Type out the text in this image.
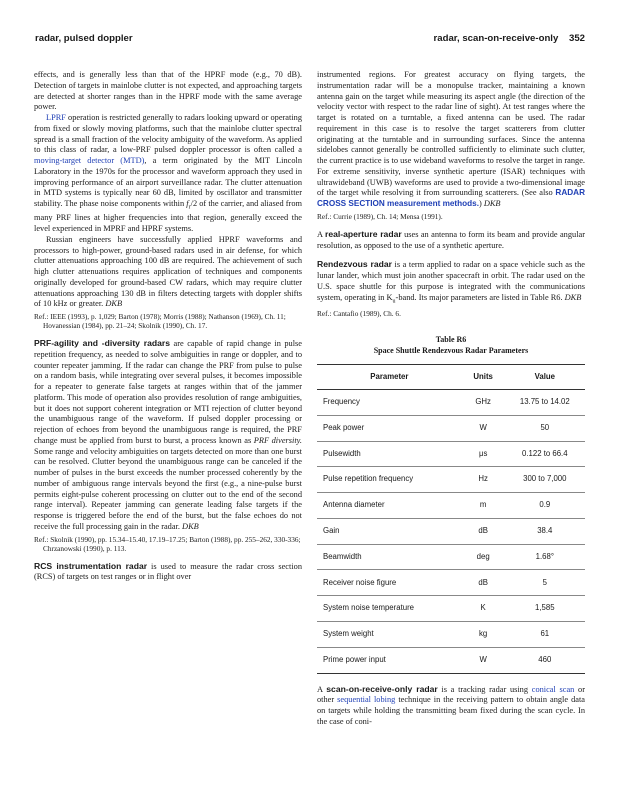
radar, pulsed doppler	radar, scan-on-receive-only 352

effects, and is generally less than that of the HPRF mode (e.g., 70 dB). Detection of targets in mainlobe clutter is not expected, and approaching targets are detected at shorter ranges than in the HPRF mode with the same average power.

LPRF operation is restricted generally to radars looking upward or operating from fixed or slowly moving platforms, such that the mainlobe clutter spectral spread is a small fraction of the velocity ambiguity of the waveform. As applied to this class of radar, a low-PRF pulsed doppler processor is often called a moving-target detector (MTD), a term originated by the MIT Lincoln Laboratory in the 1970s for the processor and waveform approach they used in improving performance of an airport surveillance radar. The clutter attenuation in MTD systems is typically near 60 dB, limited by oscillator and transmitter stability. The phase noise components within $f_r/2$ of the carrier, and aliased from many PRF lines at higher frequencies into that region, generally exceed the level experienced in MPRF and HPRF systems.

Russian engineers have successfully applied HPRF waveforms and processors to high-power, ground-based radars used in air defense, for which clutter attenuations approaching 100 dB are required. The achievement of such high clutter attenuations requires application of techniques and components originally developed for ground-based CW radars, which may require clutter attenuations approaching 130 dB in filters detecting targets with doppler shifts of 10 kHz or greater. DKB

Ref.: IEEE (1993), p. 1,029; Barton (1978); Morris (1988); Nathanson (1969), Ch. 11; Hovanessian (1984), pp. 21–24; Skolnik (1990), Ch. 17.

PRF-agility and -diversity radars are capable of rapid change in pulse repetition frequency, as needed to solve ambiguities in range or doppler, and to counter repeater jamming. If the radar can change the PRF from pulse to pulse on a random basis, while integrating over several pulses, it becomes impossible for a repeater to generate false targets at ranges within that of the jammer platform. This mode of operation also provides resolution of range ambiguities, but it does not support coherent integration or MTI rejection of clutter beyond the unambiguous range of the waveform. If pulsed doppler processing or rejection of echoes from beyond the unambiguous range is required, the PRF change must be applied from burst to burst, a process known as PRF diversity. Some range and velocity ambiguities on targets detected on more than one burst can be resolved. Clutter beyond the unambiguous range can be canceled if the number of pulses in the burst exceeds the number processed coherently by the number of ambiguous range intervals beyond the first (e.g., a nine-pulse burst permits eight-pulse coherent processing on clutter out to the end of the second range interval). Repeater jamming can generate leading false targets if the response is triggered before the end of the burst, but the false echoes do not receive the full processing gain in the radar. DKB

Ref.: Skolnik (1990), pp. 15.34–15.40, 17.19–17.25; Barton (1988), pp. 255–262, 330-336; Chrzanowski (1990), p. 113.

RCS instrumentation radar is used to measure the radar cross section (RCS) of targets on test ranges or in flight over

instrumented regions. For greatest accuracy on flying targets, the instrumentation radar will be a monopulse tracker, maintaining a known antenna gain on the target while measuring its aspect angle (the direction of the velocity vector with respect to the radar line of sight). At test ranges where the target is rotated on a turntable, a fixed antenna can be used. The radar requirement in this case is to resolve the target scatterers from clutter originating at the turntable and in surrounding surfaces. Since the antenna sidelobes cannot generally be controlled sufficiently to eliminate such clutter, the current practice is to use wideband waveforms to resolve the target in range. For extreme sensitivity, inverse synthetic aperture (ISAR) techniques with ultrawideband (UWB) waveforms are used to provide a two-dimensional image of the target while resolving it from surrounding scatterers. (See also RADAR CROSS SECTION measurement methods.) DKB

Ref.: Currie (1989), Ch. 14; Mensa (1991).

A real-aperture radar uses an antenna to form its beam and provide angular resolution, as opposed to the use of a synthetic aperture.

Rendezvous radar is a term applied to radar on a space vehicle such as the lunar lander, which must join another spacecraft in orbit. The radar used on the U.S. space shuttle for this purpose is integrated with the communications system, operating in $K_u$-band. Its major parameters are listed in Table R6. DKB

Ref.: Cantafio (1989), Ch. 6.

Table R6
Space Shuttle Rendezvous Radar Parameters
Parameter	Units	Value
Frequency	GHz	13.75 to 14.02
Peak power	W	50
Pulsewidth	μs	0.122 to 66.4
Pulse repetition frequency	Hz	300 to 7,000
Antenna diameter	m	0.9
Gain	dB	38.4
Beamwidth	deg	1.68°
Receiver noise figure	dB	5
System noise temperature	K	1,585
System weight	kg	61
Prime power input	W	460

A scan-on-receive-only radar is a tracking radar using conical scan or other sequential lobing technique in the receiving pattern to obtain angle data on targets while holding the transmitting beam fixed during the scan cycle. In the case of coni-
